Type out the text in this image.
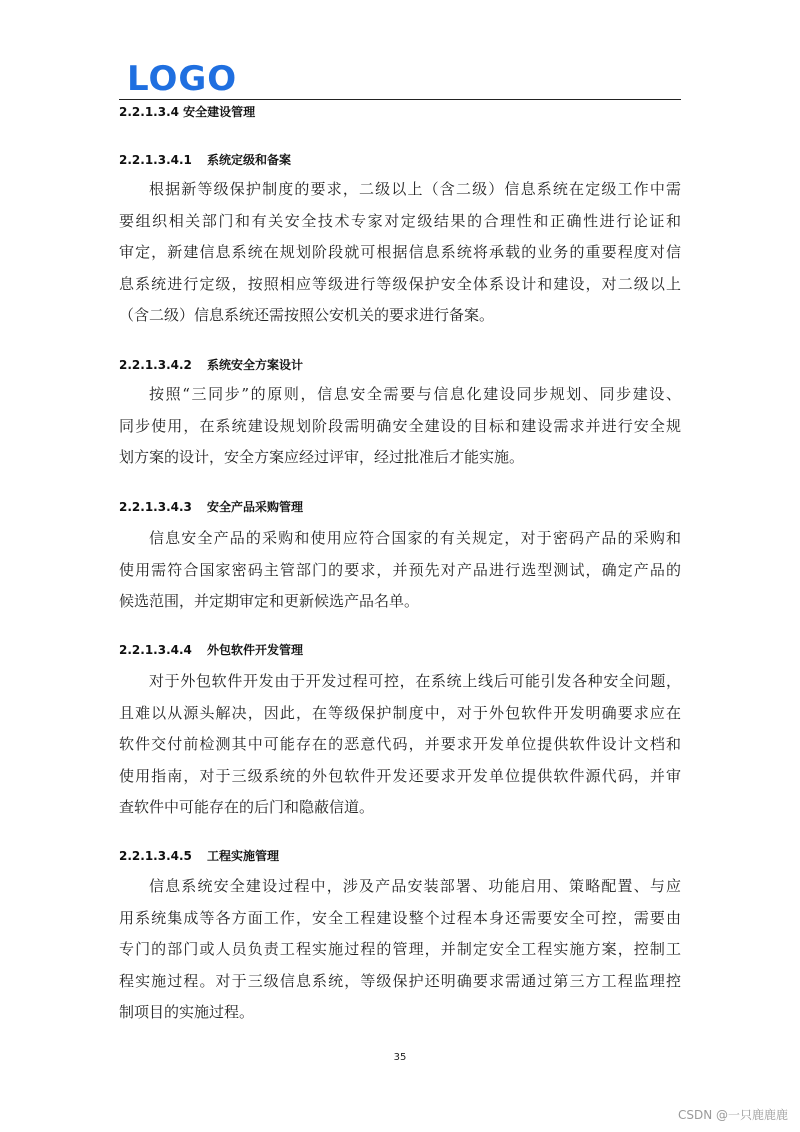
LOGO
2.2.1.3.4 安全建设管理
2.2.1.3.4.1 系统定级和备案
根据新等级保护制度的要求，二级以上（含二级）信息系统在定级工作中需
要组织相关部门和有关安全技术专家对定级结果的合理性和正确性进行论证和
审定，新建信息系统在规划阶段就可根据信息系统将承载的业务的重要程度对信
息系统进行定级，按照相应等级进行等级保护安全体系设计和建设，对二级以上
（含二级）信息系统还需按照公安机关的要求进行备案。
2.2.1.3.4.2 系统安全方案设计
按照“三同步”的原则，信息安全需要与信息化建设同步规划、同步建设、
同步使用，在系统建设规划阶段需明确安全建设的目标和建设需求并进行安全规
划方案的设计，安全方案应经过评审，经过批准后才能实施。
2.2.1.3.4.3 安全产品采购管理
信息安全产品的采购和使用应符合国家的有关规定，对于密码产品的采购和
使用需符合国家密码主管部门的要求，并预先对产品进行选型测试，确定产品的
候选范围，并定期审定和更新候选产品名单。
2.2.1.3.4.4 外包软件开发管理
对于外包软件开发由于开发过程可控，在系统上线后可能引发各种安全问题，
且难以从源头解决，因此，在等级保护制度中，对于外包软件开发明确要求应在
软件交付前检测其中可能存在的恶意代码，并要求开发单位提供软件设计文档和
使用指南，对于三级系统的外包软件开发还要求开发单位提供软件源代码，并审
查软件中可能存在的后门和隐蔽信道。
2.2.1.3.4.5 工程实施管理
信息系统安全建设过程中，涉及产品安装部署、功能启用、策略配置、与应
用系统集成等各方面工作，安全工程建设整个过程本身还需要安全可控，需要由
专门的部门或人员负责工程实施过程的管理，并制定安全工程实施方案，控制工
程实施过程。对于三级信息系统，等级保护还明确要求需通过第三方工程监理控
制项目的实施过程。
35
CSDN @一只鹿鹿鹿
